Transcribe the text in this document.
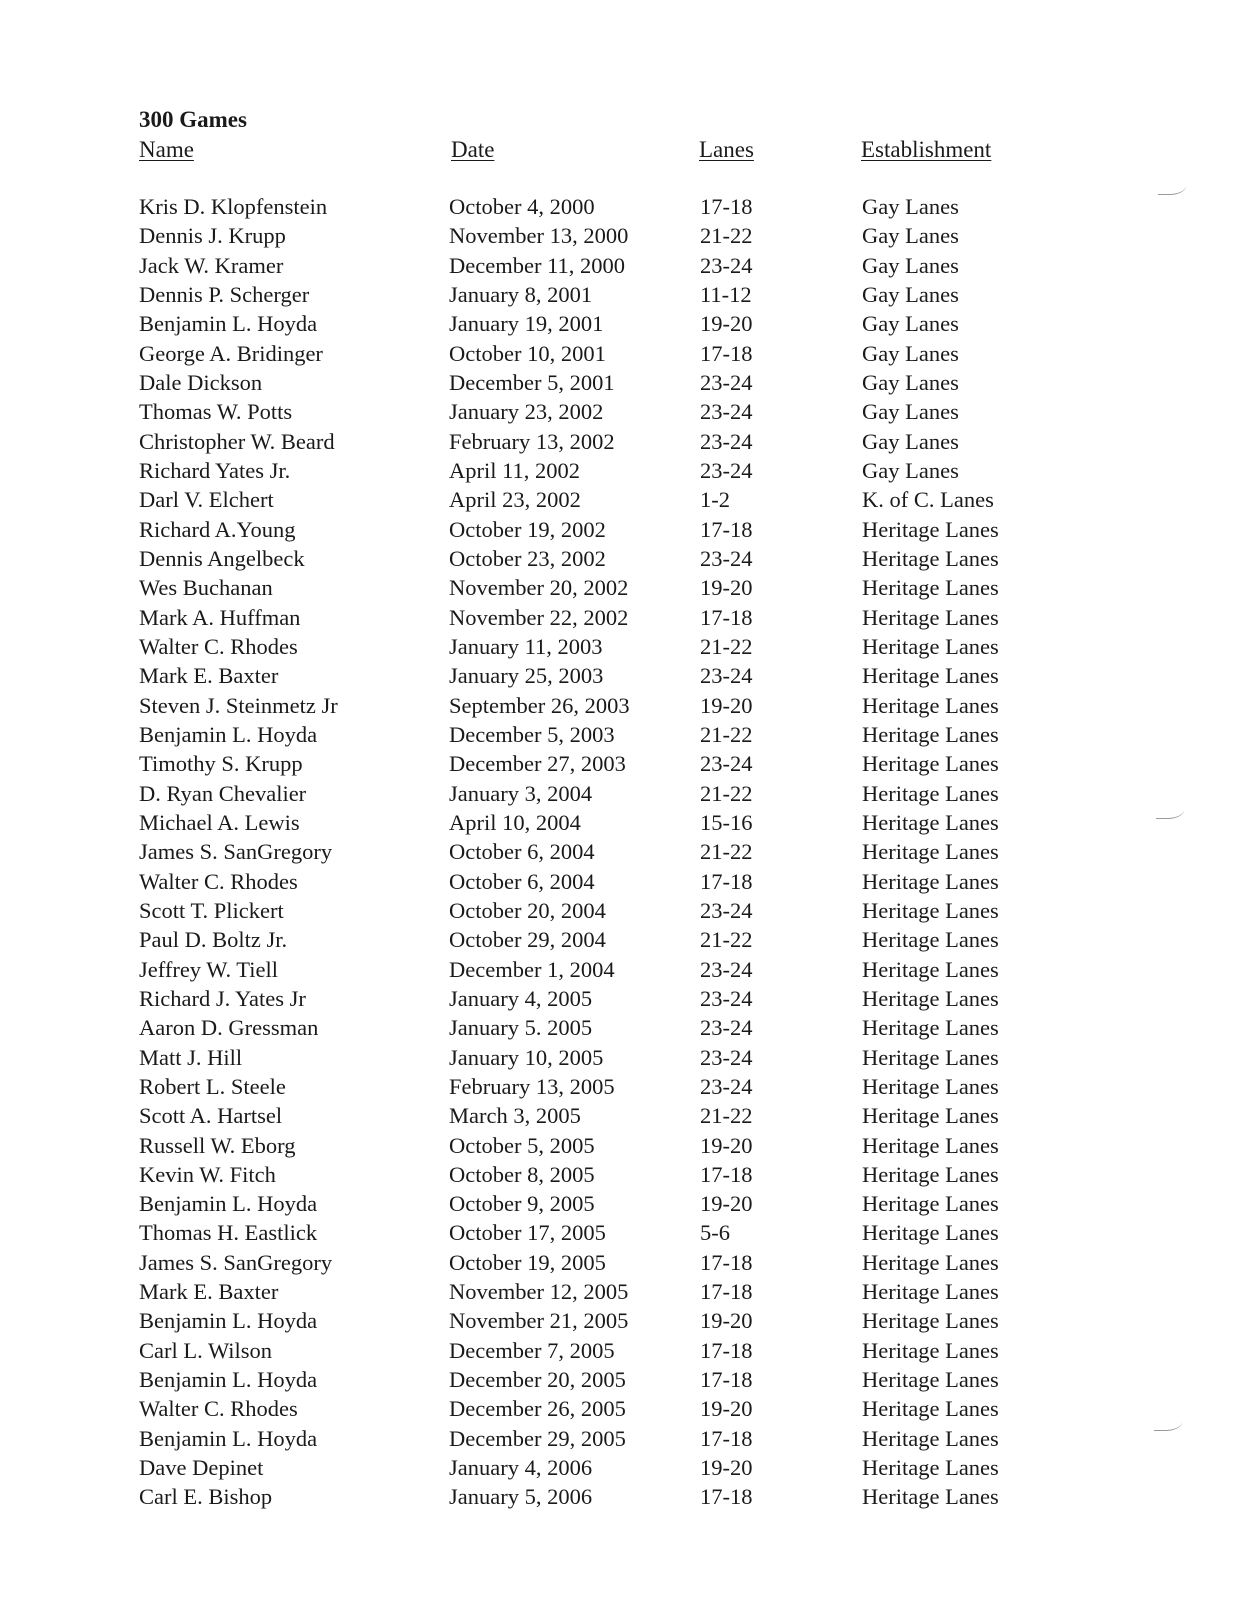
300 Games
Name	Date	Lanes	Establishment
Kris D. Klopfenstein	October 4, 2000	17-18	Gay Lanes
Dennis J. Krupp	November 13, 2000	21-22	Gay Lanes
Jack W. Kramer	December 11, 2000	23-24	Gay Lanes
Dennis P. Scherger	January 8, 2001	11-12	Gay Lanes
Benjamin L. Hoyda	January 19, 2001	19-20	Gay Lanes
George A. Bridinger	October 10, 2001	17-18	Gay Lanes
Dale Dickson	December 5, 2001	23-24	Gay Lanes
Thomas W. Potts	January 23, 2002	23-24	Gay Lanes
Christopher W. Beard	February 13, 2002	23-24	Gay Lanes
Richard Yates Jr.	April 11, 2002	23-24	Gay Lanes
Darl V. Elchert	April 23, 2002	1-2	K. of C. Lanes
Richard A.Young	October 19, 2002	17-18	Heritage Lanes
Dennis Angelbeck	October 23, 2002	23-24	Heritage Lanes
Wes Buchanan	November 20, 2002	19-20	Heritage Lanes
Mark A. Huffman	November 22, 2002	17-18	Heritage Lanes
Walter C. Rhodes	January 11, 2003	21-22	Heritage Lanes
Mark E. Baxter	January 25, 2003	23-24	Heritage Lanes
Steven J. Steinmetz Jr	September 26, 2003	19-20	Heritage Lanes
Benjamin L. Hoyda	December 5, 2003	21-22	Heritage Lanes
Timothy S. Krupp	December 27, 2003	23-24	Heritage Lanes
D. Ryan Chevalier	January 3, 2004	21-22	Heritage Lanes
Michael A. Lewis	April 10, 2004	15-16	Heritage Lanes
James S. SanGregory	October 6, 2004	21-22	Heritage Lanes
Walter C. Rhodes	October 6, 2004	17-18	Heritage Lanes
Scott T. Plickert	October 20, 2004	23-24	Heritage Lanes
Paul D. Boltz Jr.	October 29, 2004	21-22	Heritage Lanes
Jeffrey W. Tiell	December 1, 2004	23-24	Heritage Lanes
Richard J. Yates Jr	January 4, 2005	23-24	Heritage Lanes
Aaron D. Gressman	January 5. 2005	23-24	Heritage Lanes
Matt J. Hill	January 10, 2005	23-24	Heritage Lanes
Robert L. Steele	February 13, 2005	23-24	Heritage Lanes
Scott A. Hartsel	March 3, 2005	21-22	Heritage Lanes
Russell W. Eborg	October 5, 2005	19-20	Heritage Lanes
Kevin W. Fitch	October 8, 2005	17-18	Heritage Lanes
Benjamin L. Hoyda	October 9, 2005	19-20	Heritage Lanes
Thomas H. Eastlick	October 17, 2005	5-6	Heritage Lanes
James S. SanGregory	October 19, 2005	17-18	Heritage Lanes
Mark E. Baxter	November 12, 2005	17-18	Heritage Lanes
Benjamin L. Hoyda	November 21, 2005	19-20	Heritage Lanes
Carl L. Wilson	December 7, 2005	17-18	Heritage Lanes
Benjamin L. Hoyda	December 20, 2005	17-18	Heritage Lanes
Walter C. Rhodes	December 26, 2005	19-20	Heritage Lanes
Benjamin L. Hoyda	December 29, 2005	17-18	Heritage Lanes
Dave Depinet	January 4, 2006	19-20	Heritage Lanes
Carl E. Bishop	January 5, 2006	17-18	Heritage Lanes
